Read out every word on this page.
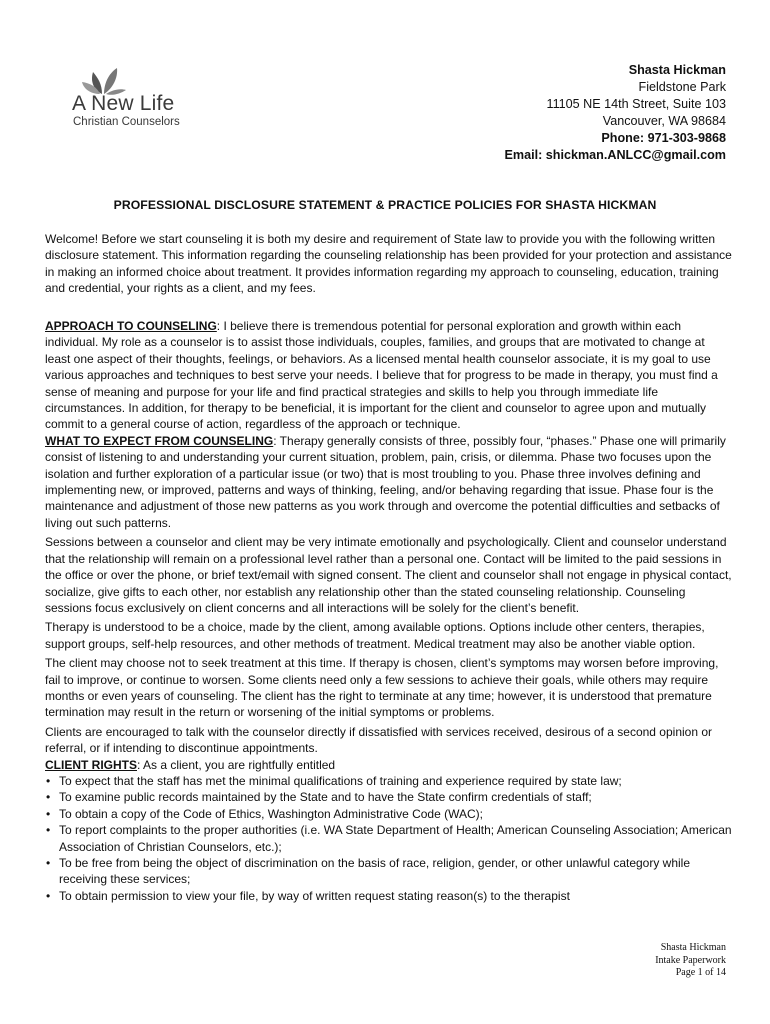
A New Life
Christian Counselors
Shasta Hickman
Fieldstone Park
11105 NE 14th Street, Suite 103
Vancouver, WA 98684
Phone: 971-303-9868
Email: shickman.ANLCC@gmail.com
PROFESSIONAL DISCLOSURE STATEMENT & PRACTICE POLICIES FOR SHASTA HICKMAN

Welcome! Before we start counseling it is both my desire and requirement of State law to provide you with the following written disclosure statement. This information regarding the counseling relationship has been provided for your protection and assistance in making an informed choice about treatment. It provides information regarding my approach to counseling, education, training and credential, your rights as a client, and my fees.

APPROACH TO COUNSELING: I believe there is tremendous potential for personal exploration and growth within each individual. My role as a counselor is to assist those individuals, couples, families, and groups that are motivated to change at least one aspect of their thoughts, feelings, or behaviors. As a licensed mental health counselor associate, it is my goal to use various approaches and techniques to best serve your needs. I believe that for progress to be made in therapy, you must find a sense of meaning and purpose for your life and find practical strategies and skills to help you through immediate life circumstances. In addition, for therapy to be beneficial, it is important for the client and counselor to agree upon and mutually commit to a general course of action, regardless of the approach or technique.

WHAT TO EXPECT FROM COUNSELING: Therapy generally consists of three, possibly four, “phases.” Phase one will primarily consist of listening to and understanding your current situation, problem, pain, crisis, or dilemma. Phase two focuses upon the isolation and further exploration of a particular issue (or two) that is most troubling to you. Phase three involves defining and implementing new, or improved, patterns and ways of thinking, feeling, and/or behaving regarding that issue. Phase four is the maintenance and adjustment of those new patterns as you work through and overcome the potential difficulties and setbacks of living out such patterns.

Sessions between a counselor and client may be very intimate emotionally and psychologically. Client and counselor understand that the relationship will remain on a professional level rather than a personal one. Contact will be limited to the paid sessions in the office or over the phone, or brief text/email with signed consent. The client and counselor shall not engage in physical contact, socialize, give gifts to each other, nor establish any relationship other than the stated counseling relationship. Counseling sessions focus exclusively on client concerns and all interactions will be solely for the client’s benefit.

Therapy is understood to be a choice, made by the client, among available options. Options include other centers, therapies, support groups, self-help resources, and other methods of treatment. Medical treatment may also be another viable option.

The client may choose not to seek treatment at this time. If therapy is chosen, client’s symptoms may worsen before improving, fail to improve, or continue to worsen. Some clients need only a few sessions to achieve their goals, while others may require months or even years of counseling. The client has the right to terminate at any time; however, it is understood that premature termination may result in the return or worsening of the initial symptoms or problems.

Clients are encouraged to talk with the counselor directly if dissatisfied with services received, desirous of a second opinion or referral, or if intending to discontinue appointments.

CLIENT RIGHTS: As a client, you are rightfully entitled

• To expect that the staff has met the minimal qualifications of training and experience required by state law;
• To examine public records maintained by the State and to have the State confirm credentials of staff;
• To obtain a copy of the Code of Ethics, Washington Administrative Code (WAC);
• To report complaints to the proper authorities (i.e. WA State Department of Health; American Counseling Association; American Association of Christian Counselors, etc.);
• To be free from being the object of discrimination on the basis of race, religion, gender, or other unlawful category while receiving these services;
• To obtain permission to view your file, by way of written request stating reason(s) to the therapist
Shasta Hickman
Intake Paperwork
Page 1 of 14
